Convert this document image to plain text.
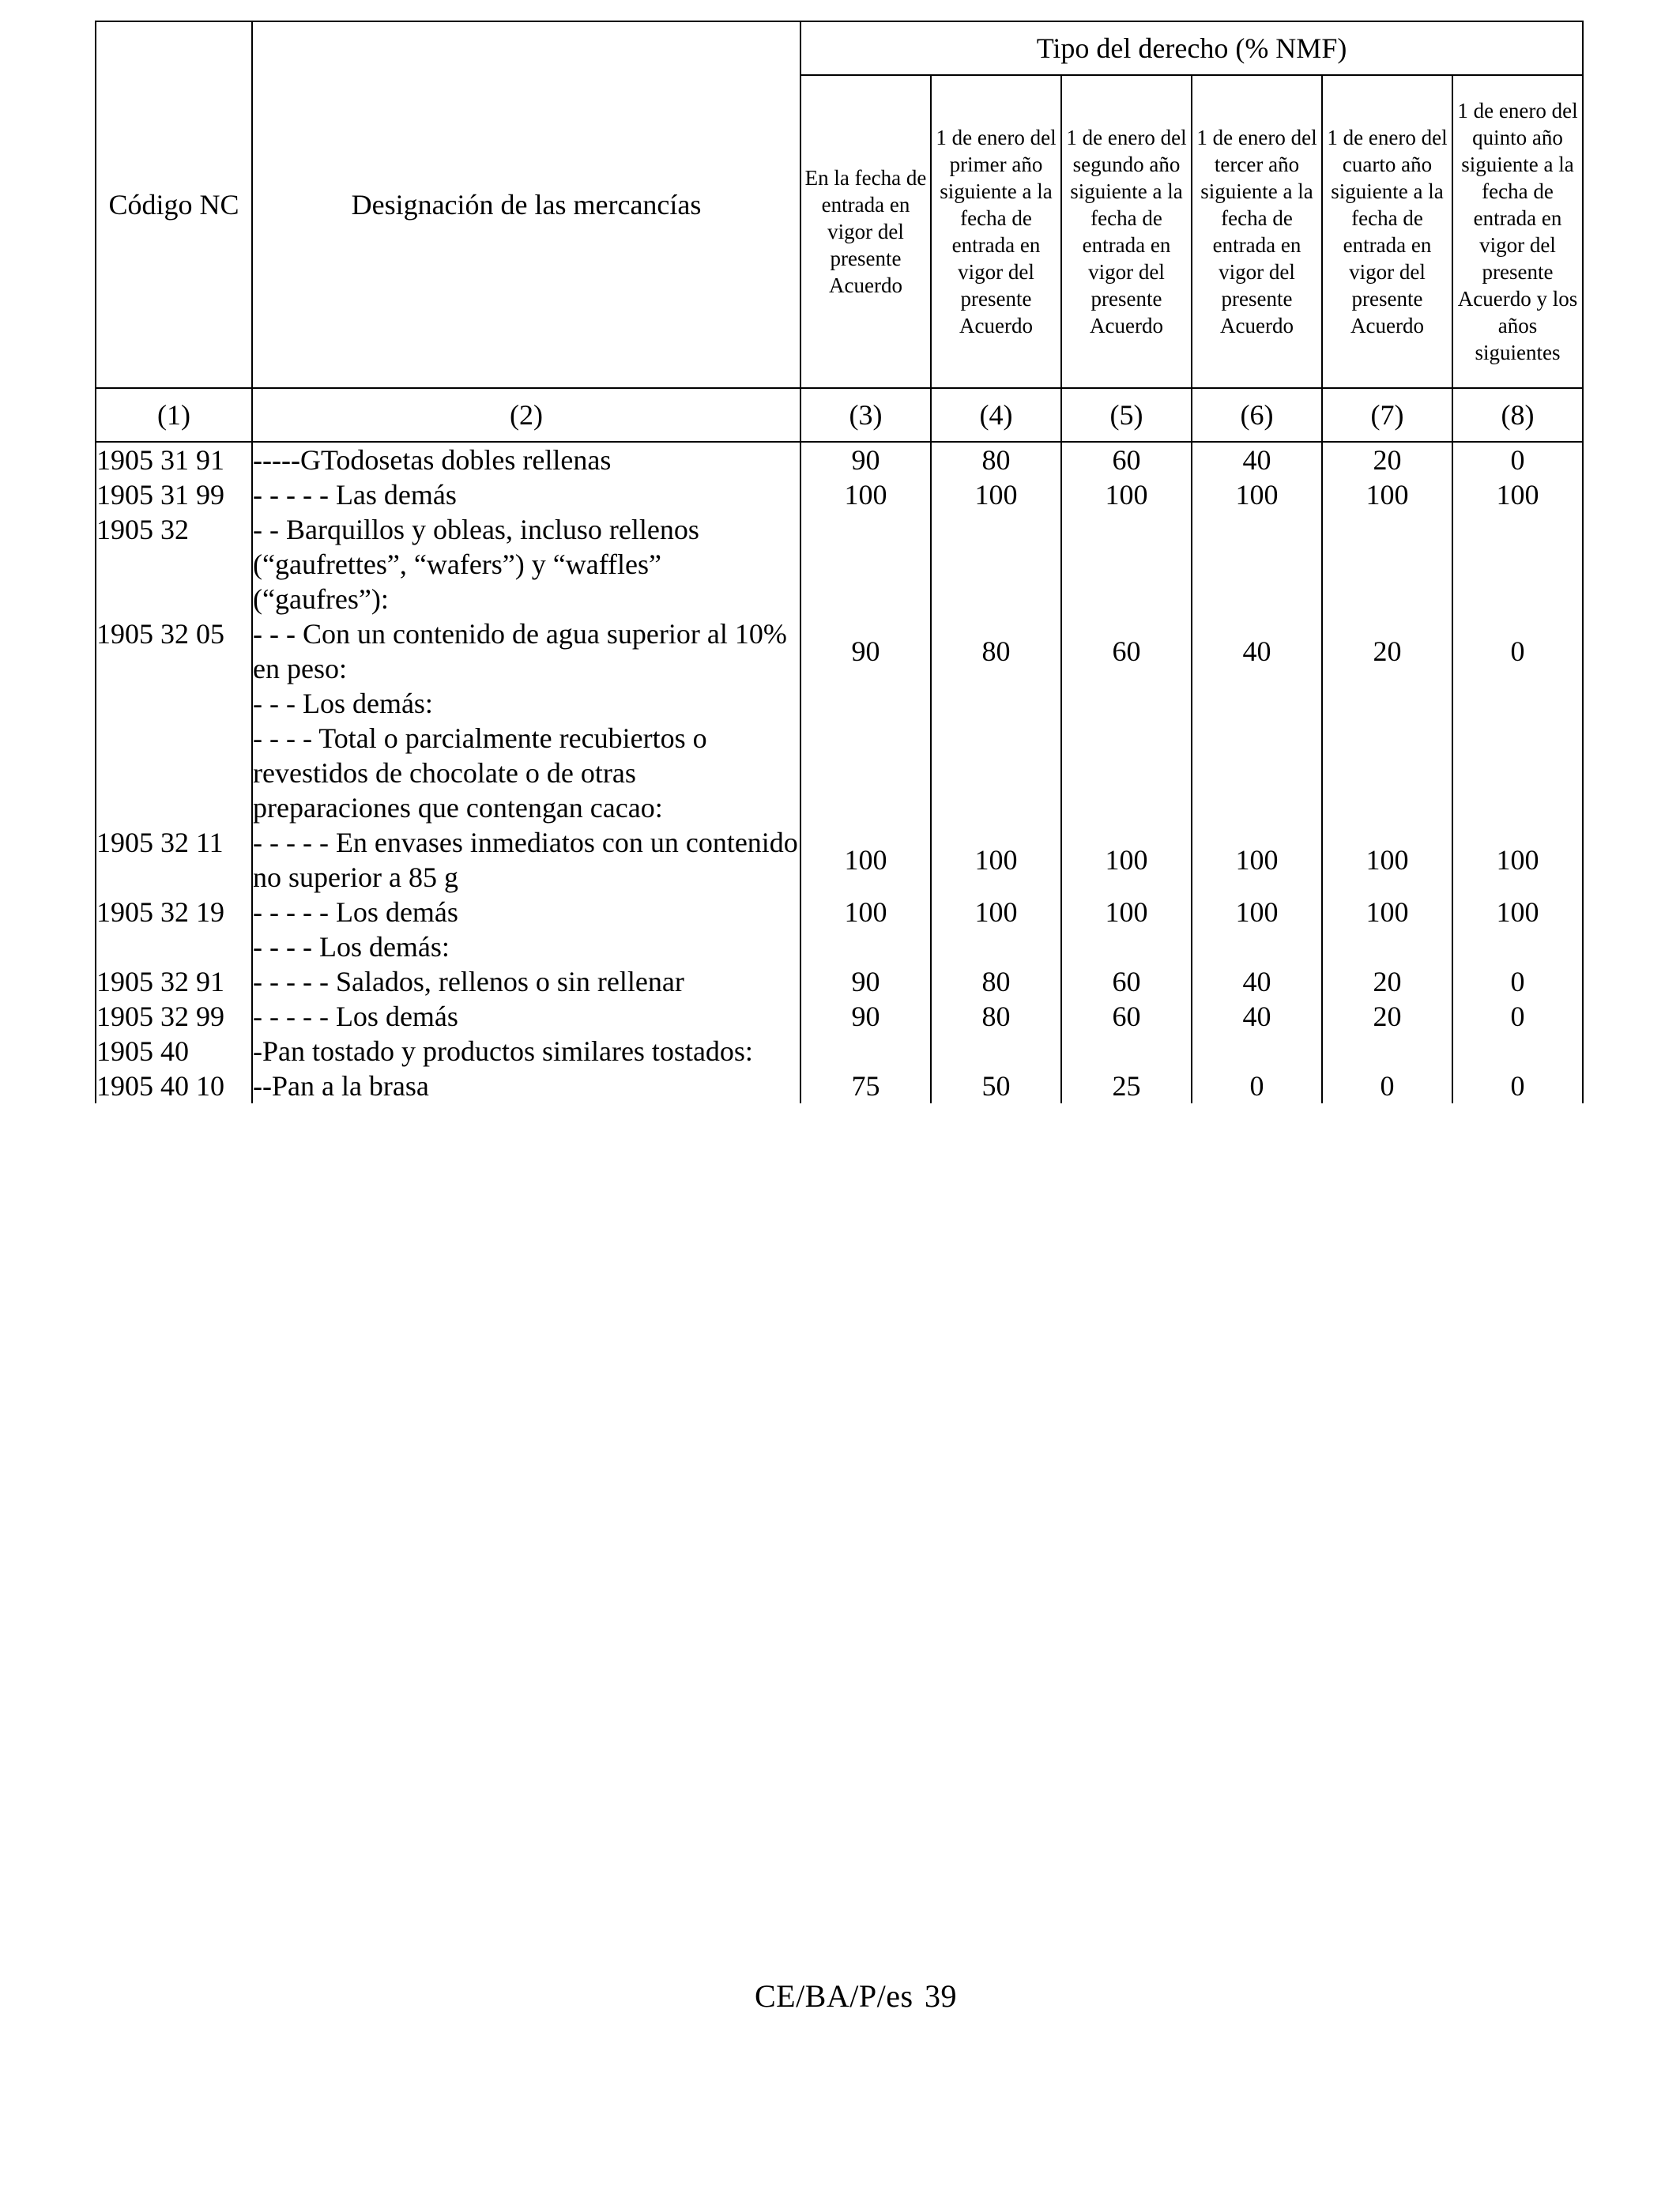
Código NC	Designación de las mercancías	Tipo del derecho (% NMF)					
		En la fecha de entrada en vigor del presente Acuerdo	1 de enero del primer año siguiente a la fecha de entrada en vigor del presente Acuerdo	1 de enero del segundo año siguiente a la fecha de entrada en vigor del presente Acuerdo	1 de enero del tercer año siguiente a la fecha de entrada en vigor del presente Acuerdo	1 de enero del cuarto año siguiente a la fecha de entrada en vigor del presente Acuerdo	1 de enero del quinto año siguiente a la fecha de entrada en vigor del presente Acuerdo y los años siguientes
(1)	(2)	(3)	(4)	(5)	(6)	(7)	(8)
1905 31 91	-----GTodosetas dobles rellenas	90	80	60	40	20	0
1905 31 99	- - - - - Las demás	100	100	100	100	100	100
1905 32	- - Barquillos y obleas, incluso rellenos (“gaufrettes”, “wafers”) y “waffles” (“gaufres”):						
1905 32 05	- - - Con un contenido de agua superior al 10% en peso:	90	80	60	40	20	0
	- - - Los demás:						
	- - - - Total o parcialmente recubiertos o revestidos de chocolate o de otras preparaciones que contengan cacao:						
1905 32 11	- - - - - En envases inmediatos con un contenido no superior a 85 g	100	100	100	100	100	100
1905 32 19	- - - - - Los demás	100	100	100	100	100	100
	- - - - Los demás:						
1905 32 91	- - - - - Salados, rellenos o sin rellenar	90	80	60	40	20	0
1905 32 99	- - - - - Los demás	90	80	60	40	20	0
1905 40	-Pan tostado y productos similares tostados:						
1905 40 10	--Pan a la brasa	75	50	25	0	0	0
CE/BA/P/es 39
